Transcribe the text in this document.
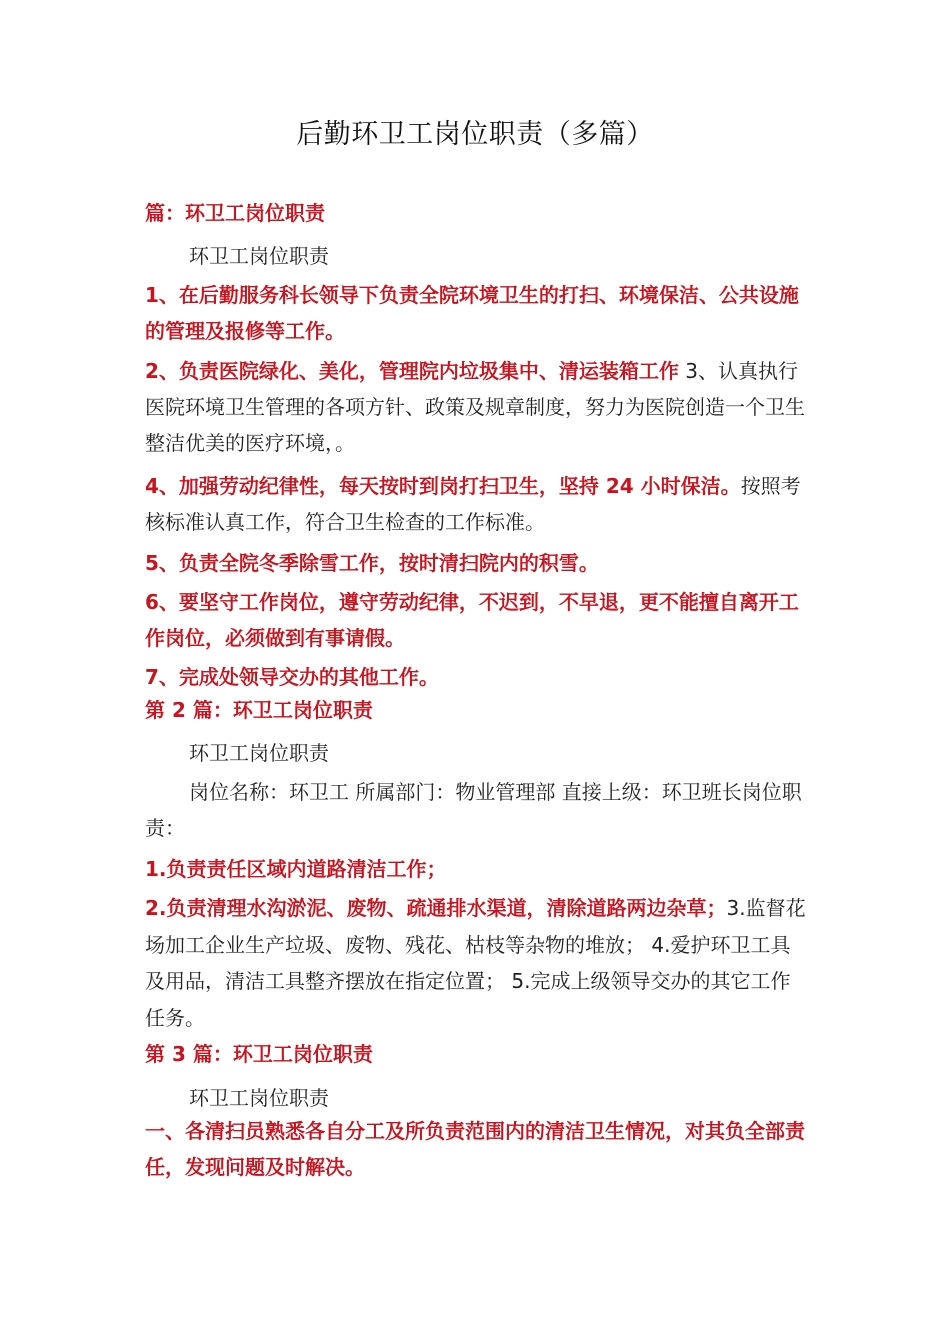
后勤环卫工岗位职责（多篇）

篇：环卫工岗位职责

环卫工岗位职责

1、在后勤服务科长领导下负责全院环境卫生的打扫、环境保洁、公共设施的管理及报修等工作。

2、负责医院绿化、美化，管理院内垃圾集中、清运装箱工作 3、认真执行医院环境卫生管理的各项方针、政策及规章制度，努力为医院创造一个卫生整洁优美的医疗环境，。

4、加强劳动纪律性，每天按时到岗打扫卫生，坚持 24 小时保洁。按照考核标准认真工作，符合卫生检查的工作标准。

5、负责全院冬季除雪工作，按时清扫院内的积雪。

6、要坚守工作岗位，遵守劳动纪律，不迟到，不早退，更不能擅自离开工作岗位，必须做到有事请假。

7、完成处领导交办的其他工作。

第 2 篇：环卫工岗位职责

环卫工岗位职责

岗位名称：环卫工 所属部门：物业管理部 直接上级：环卫班长岗位职责：

1.负责责任区域内道路清洁工作；

2.负责清理水沟淤泥、废物、疏通排水渠道，清除道路两边杂草；3.监督花场加工企业生产垃圾、废物、残花、枯枝等杂物的堆放； 4.爱护环卫工具及用品，清洁工具整齐摆放在指定位置； 5.完成上级领导交办的其它工作任务。

第 3 篇：环卫工岗位职责

环卫工岗位职责

一、各清扫员熟悉各自分工及所负责范围内的清洁卫生情况，对其负全部责任，发现问题及时解决。
